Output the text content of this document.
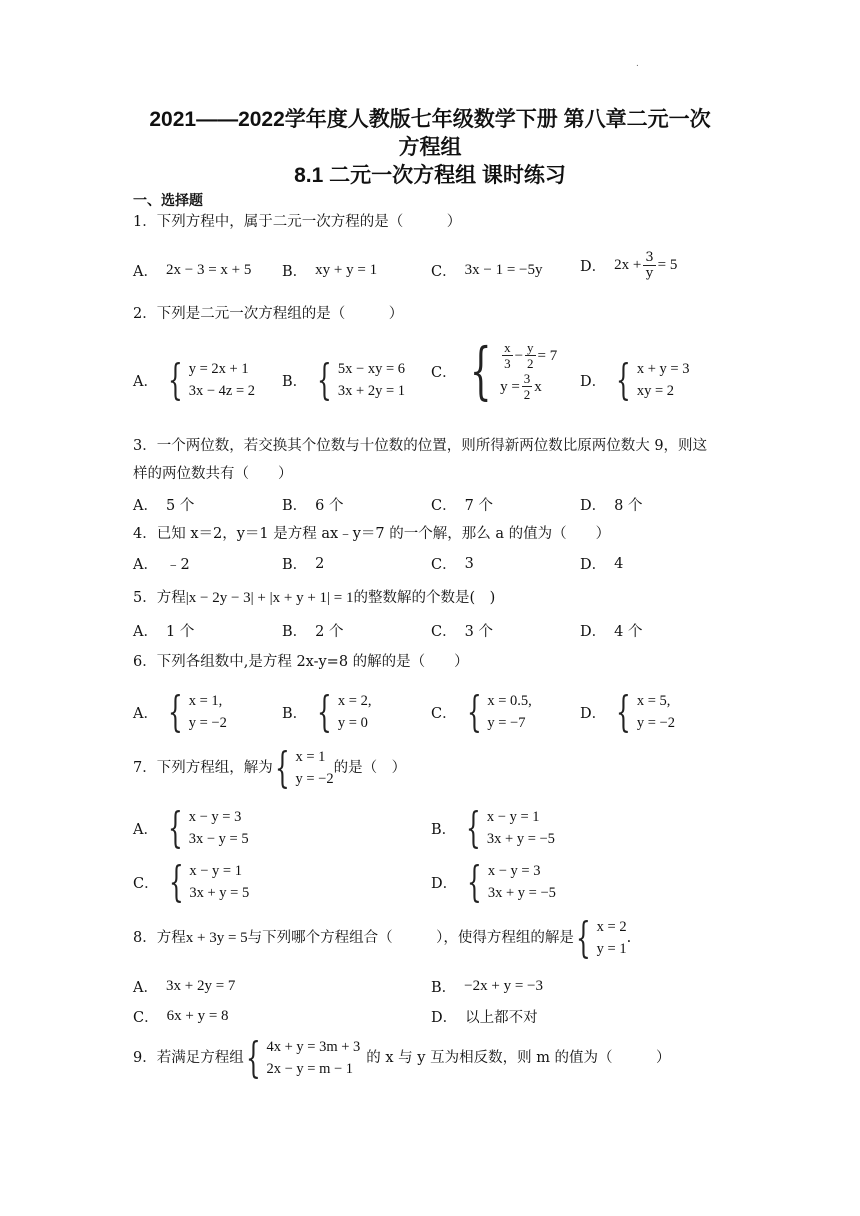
.
2021——2022学年度人教版七年级数学下册 第八章二元一次
方程组
8.1 二元一次方程组 课时练习
一、选择题
1．下列方程中，属于二元一次方程的是（　　　）
A． 2x − 3 = x + 5 B． xy + y = 1	C． 3x − 1 = −5y	D． $2x + \frac{3}{y} = 5$
2．下列是二元一次方程组的是（　　　）
A． { y = 2x + 1
3x − 4z = 2
B． { 5x − xy = 6
3x + 2y = 1
C． { $\frac{x}{3} - \frac{y}{2} = 7$
$y = \frac{3}{2}$ x	D． { x + y = 3
xy = 2
3．一个两位数，若交换其个位数与十位数的位置，则所得新两位数比原两位数大 9，则这
样的两位数共有（　　）
A． 5 个	B． 6 个	C． 7 个	D． 8 个
4．已知 x＝2，y＝1 是方程 ax﹣y＝7 的一个解，那么 a 的值为（　　）
A． ﹣2	B． 2	C． 3	D． 4
5．方程|x − 2y − 3| + |x + y + 1| = 1的整数解的个数是(　)
A． 1 个	B． 2 个	C． 3 个	D． 4 个
6．下列各组数中,是方程 2x-y=8 的解的是（　　）
A． { x = 1,
y = −2
B． { x = 2,
y = 0
C． { x = 0.5,
y = −7
D． { x = 5,
y = −2
7．下列方程组，解为 { x = 1
y = −2
的是（　）
A． { x − y = 3
3x − y = 5
B． { x − y = 1
3x + y = −5
C． { x − y = 1
3x + y = 5
D． { x − y = 3
3x + y = −5
8．方程 x + 3y = 5 与下列哪个方程组合（　　　），使得方程组的解是 { x = 2
y = 1
.
A． 3x + 2y = 7	B． −2x + y = −3
C． 6x + y = 8	D． 以上都不对
9．若满足方程组 { 4x + y = 3m + 3
2x − y = m − 1
的 x 与 y 互为相反数，则 m 的值为（　　　）
